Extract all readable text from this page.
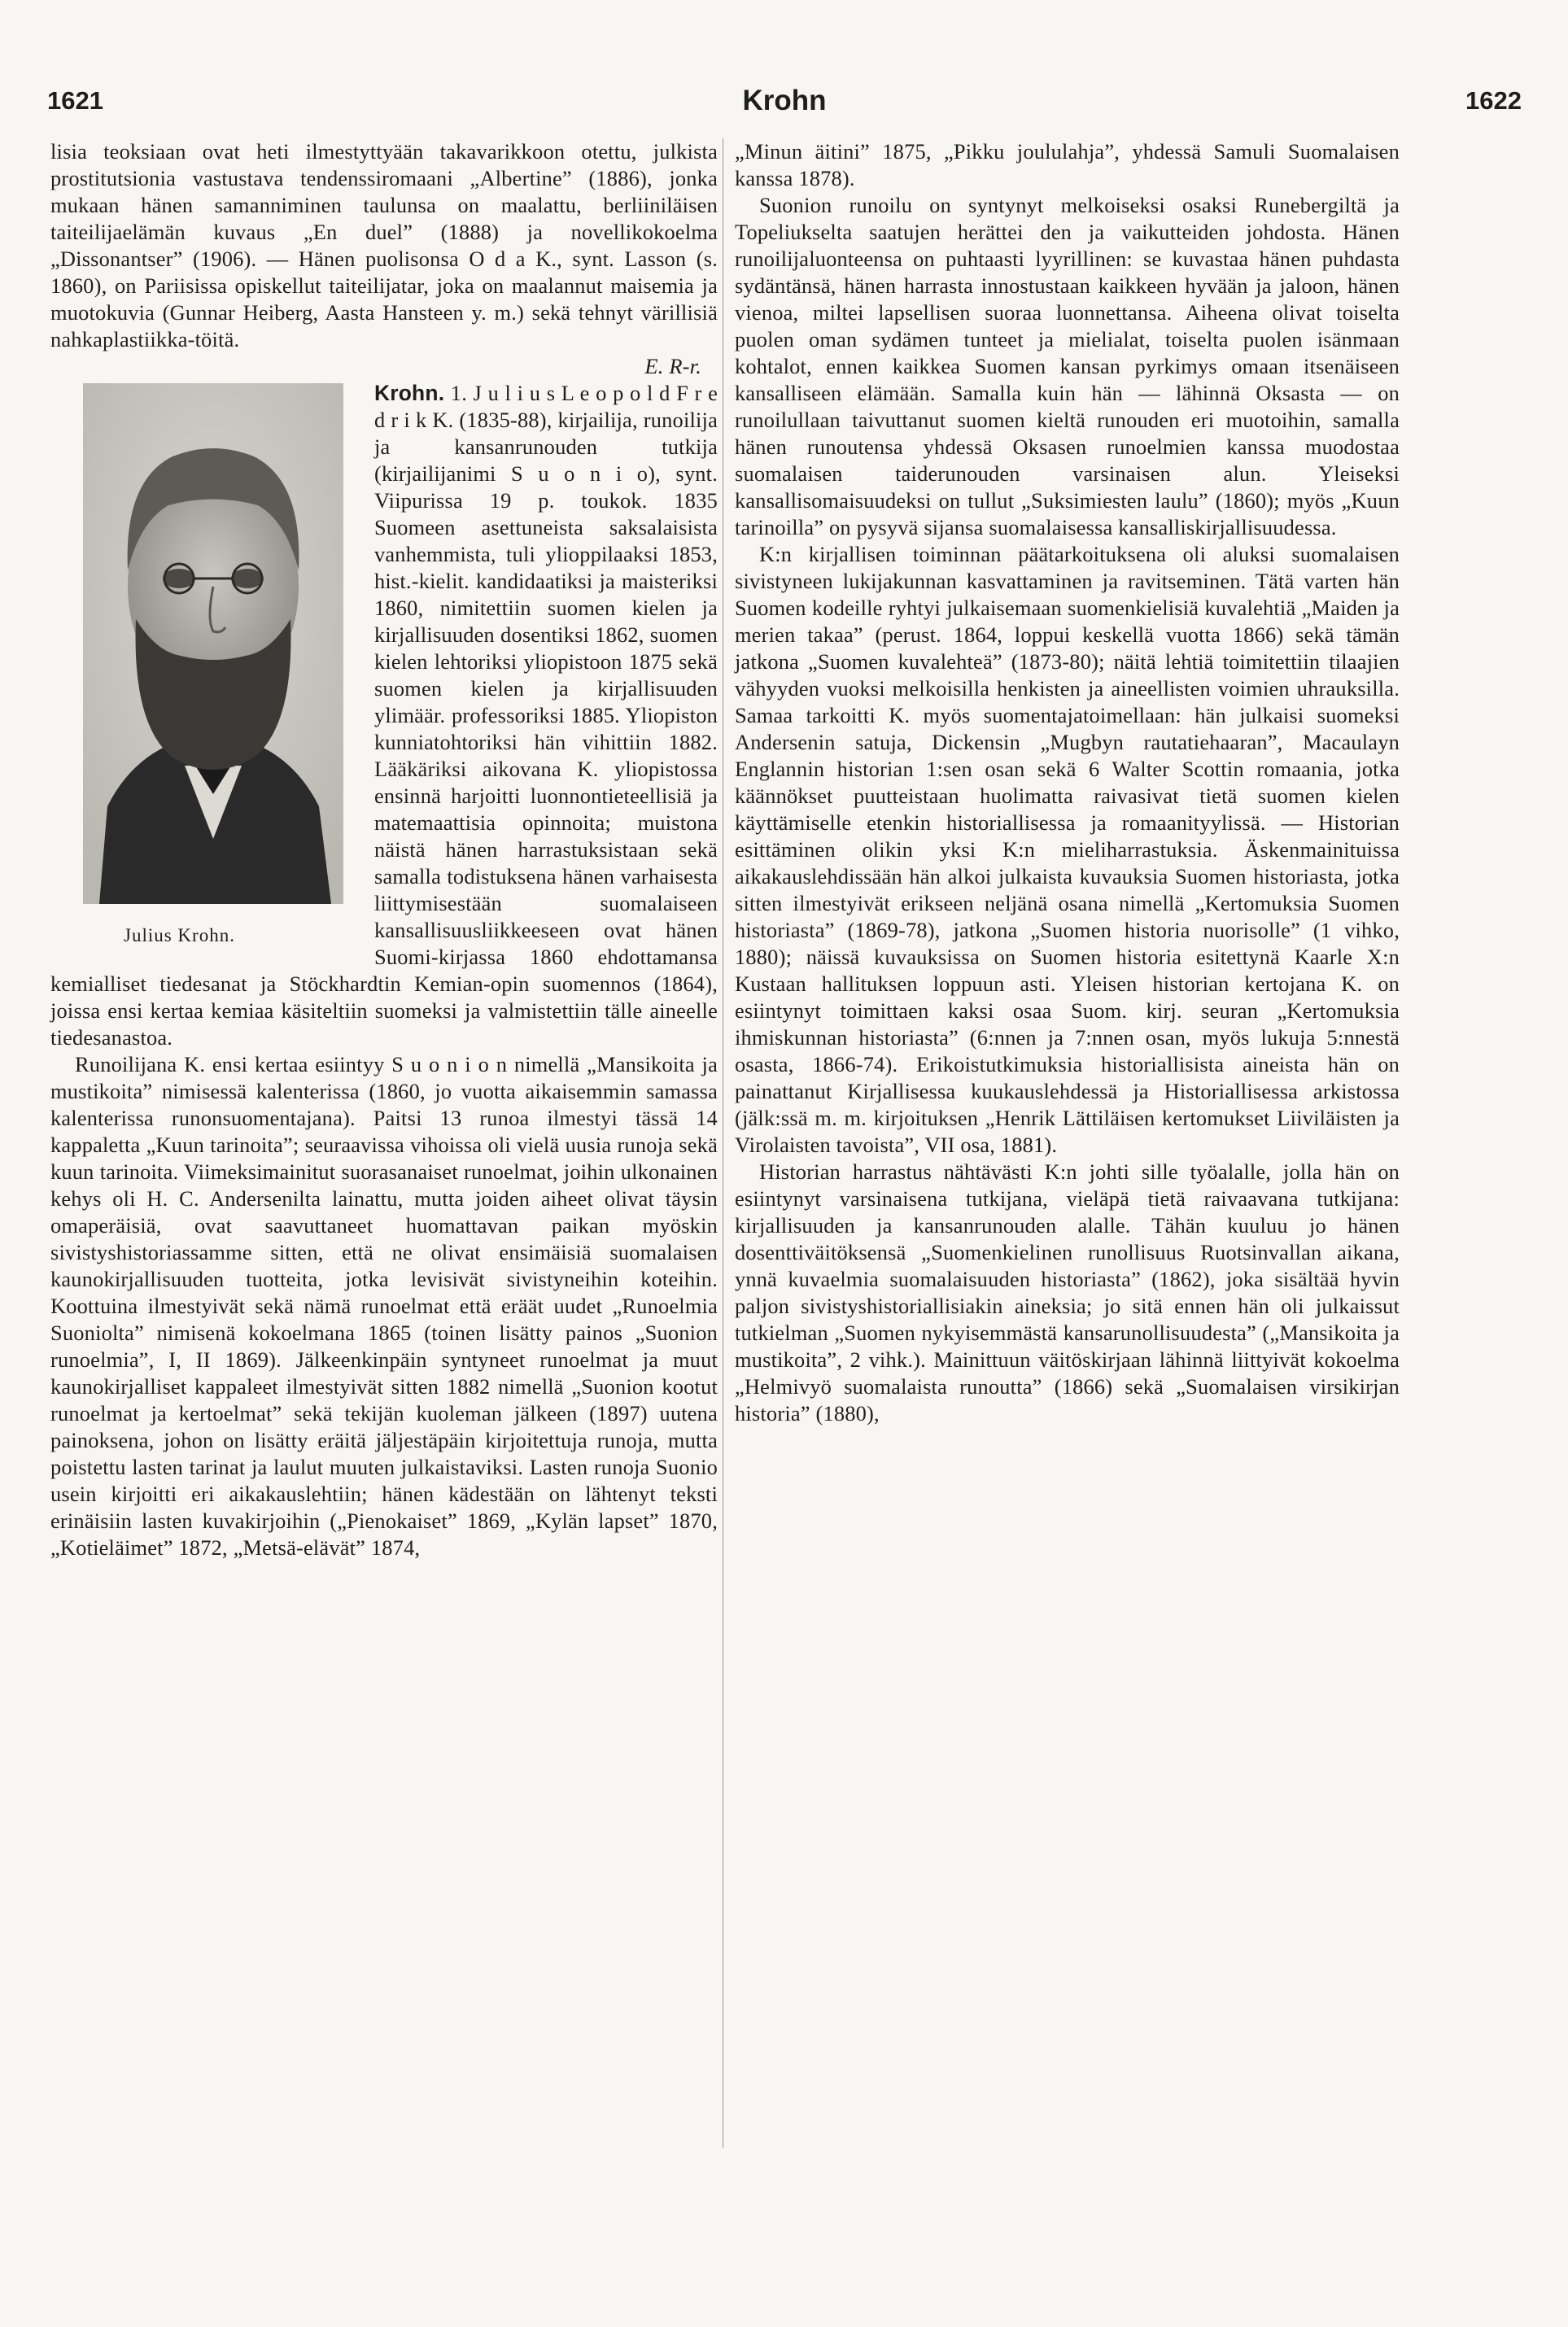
1621	Krohn	1622

lisia teoksiaan ovat heti ilmestyttyään takavarikkoon otettu, julkista prostitutsionia vastustava tendenssiromaani „Albertine” (1886), jonka mukaan hänen samanniminen taulunsa on maalattu, berliiniläisen taiteilijaelämän kuvaus „En duel” (1888) ja novellikokoelma „Dissonantser” (1906). — Hänen puolisonsa O d a K., synt. Lasson (s. 1860), on Pariisissa opiskellut taiteilijatar, joka on maalannut maisemia ja muotokuvia (Gunnar Heiberg, Aasta Hansteen y. m.) sekä tehnyt värillisiä nahkaplastiikka-töitä.

E. R-r.

Julius Krohn.
Krohn. 1. J u l i u s L e o p o l d F r e d r i k K. (1835-88), kirjailija, runoilija ja kansanrunouden tutkija (kirjailijanimi S u o n i o), synt. Viipurissa 19 p. toukok. 1835 Suomeen asettuneista saksalaisista vanhemmista, tuli ylioppilaaksi 1853, hist.-kielit. kandidaatiksi ja maisteriksi 1860, nimitettiin suomen kielen ja kirjallisuuden dosentiksi 1862, suomen kielen lehtoriksi yliopistoon 1875 sekä suomen kielen ja kirjallisuuden ylimäär. professoriksi 1885. Yliopiston kunniatohtoriksi hän vihittiin 1882. Lääkäriksi aikovana K. yliopistossa ensinnä harjoitti luonnontieteellisiä ja matemaattisia opinnoita; muistona näistä hänen harrastuksistaan sekä samalla todistuksena hänen varhaisesta liittymisestään suomalaiseen kansallisuusliikkeeseen ovat hänen Suomi-kirjassa 1860 ehdottamansa kemialliset tiedesanat ja Stöckhardtin Kemian-opin suomennos (1864), joissa ensi kertaa kemiaa käsiteltiin suomeksi ja valmistettiin tälle aineelle tiedesanastoa.

Runoilijana K. ensi kertaa esiintyy S u o n i o n nimellä „Mansikoita ja mustikoita” nimisessä kalenterissa (1860, jo vuotta aikaisemmin samassa kalenterissa runonsuomentajana). Paitsi 13 runoa ilmestyi tässä 14 kappaletta „Kuun tarinoita”; seuraavissa vihoissa oli vielä uusia runoja sekä kuun tarinoita. Viimeksimainitut suorasanaiset runoelmat, joihin ulkonainen kehys oli H. C. Andersenilta lainattu, mutta joiden aiheet olivat täysin omaperäisiä, ovat saavuttaneet huomattavan paikan myöskin sivistyshistoriassamme sitten, että ne olivat ensimäisiä suomalaisen kaunokirjallisuuden tuotteita, jotka levisivät sivistyneihin koteihin. Koottuina ilmestyivät sekä nämä runoelmat että eräät uudet „Runoelmia Suoniolta” nimisenä kokoelmana 1865 (toinen lisätty painos „Suonion runoelmia”, I, II 1869). Jälkeenkinpäin syntyneet runoelmat ja muut kaunokirjalliset kappaleet ilmestyivät sitten 1882 nimellä „Suonion kootut runoelmat ja kertoelmat” sekä tekijän kuoleman jälkeen (1897) uutena painoksena, johon on lisätty eräitä jäljestäpäin kirjoitettuja runoja, mutta poistettu lasten tarinat ja laulut muuten julkaistaviksi. Lasten runoja Suonio usein kirjoitti eri aikakauslehtiin; hänen kädestään on lähtenyt teksti erinäisiin lasten kuvakirjoihin („Pienokaiset” 1869, „Kylän lapset” 1870, „Kotieläimet” 1872, „Metsä-elävät” 1874,

„Minun äitini” 1875, „Pikku joululahja”, yhdessä Samuli Suomalaisen kanssa 1878).

Suonion runoilu on syntynyt melkoiseksi osaksi Runebergiltä ja Topeliukselta saatujen herättei den ja vaikutteiden johdosta. Hänen runoilijaluonteensa on puhtaasti lyyrillinen: se kuvastaa hänen puhdasta sydäntänsä, hänen harrasta innostustaan kaikkeen hyvään ja jaloon, hänen vienoa, miltei lapsellisen suoraa luonnettansa. Aiheena olivat toiselta puolen oman sydämen tunteet ja mielialat, toiselta puolen isänmaan kohtalot, ennen kaikkea Suomen kansan pyrkimys omaan itsenäiseen kansalliseen elämään. Samalla kuin hän — lähinnä Oksasta — on runoilullaan taivuttanut suomen kieltä runouden eri muotoihin, samalla hänen runoutensa yhdessä Oksasen runoelmien kanssa muodostaa suomalaisen taiderunouden varsinaisen alun. Yleiseksi kansallisomaisuudeksi on tullut „Suksimiesten laulu” (1860); myös „Kuun tarinoilla” on pysyvä sijansa suomalaisessa kansalliskirjallisuudessa.

K:n kirjallisen toiminnan päätarkoituksena oli aluksi suomalaisen sivistyneen lukijakunnan kasvattaminen ja ravitseminen. Tätä varten hän Suomen kodeille ryhtyi julkaisemaan suomenkielisiä kuvalehtiä „Maiden ja merien takaa” (perust. 1864, loppui keskellä vuotta 1866) sekä tämän jatkona „Suomen kuvalehteä” (1873-80); näitä lehtiä toimitettiin tilaajien vähyyden vuoksi melkoisilla henkisten ja aineellisten voimien uhrauksilla. Samaa tarkoitti K. myös suomentajatoimellaan: hän julkaisi suomeksi Andersenin satuja, Dickensin „Mugbyn rautatiehaaran”, Macaulayn Englannin historian 1:sen osan sekä 6 Walter Scottin romaania, jotka käännökset puutteistaan huolimatta raivasivat tietä suomen kielen käyttämiselle etenkin historiallisessa ja romaanityylissä. — Historian esittäminen olikin yksi K:n mieliharrastuksia. Äskenmainituissa aikakauslehdissään hän alkoi julkaista kuvauksia Suomen historiasta, jotka sitten ilmestyivät erikseen neljänä osana nimellä „Kertomuksia Suomen historiasta” (1869-78), jatkona „Suomen historia nuorisolle” (1 vihko, 1880); näissä kuvauksissa on Suomen historia esitettynä Kaarle X:n Kustaan hallituksen loppuun asti. Yleisen historian kertojana K. on esiintynyt toimittaen kaksi osaa Suom. kirj. seuran „Kertomuksia ihmiskunnan historiasta” (6:nnen ja 7:nnen osan, myös lukuja 5:nnestä osasta, 1866-74). Erikoistutkimuksia historiallisista aineista hän on painattanut Kirjallisessa kuukauslehdessä ja Historiallisessa arkistossa (jälk:ssä m. m. kirjoituksen „Henrik Lättiläisen kertomukset Liiviläisten ja Virolaisten tavoista”, VII osa, 1881).

Historian harrastus nähtävästi K:n johti sille työalalle, jolla hän on esiintynyt varsinaisena tutkijana, vieläpä tietä raivaavana tutkijana: kirjallisuuden ja kansanrunouden alalle. Tähän kuuluu jo hänen dosenttiväitöksensä „Suomenkielinen runollisuus Ruotsinvallan aikana, ynnä kuvaelmia suomalaisuuden historiasta” (1862), joka sisältää hyvin paljon sivistyshistoriallisiakin aineksia; jo sitä ennen hän oli julkaissut tutkielman „Suomen nykyisemmästä kansarunollisuudesta” („Mansikoita ja mustikoita”, 2 vihk.). Mainittuun väitöskirjaan lähinnä liittyivät kokoelma „Helmivyö suomalaista runoutta” (1866) sekä „Suomalaisen virsikirjan historia” (1880),
